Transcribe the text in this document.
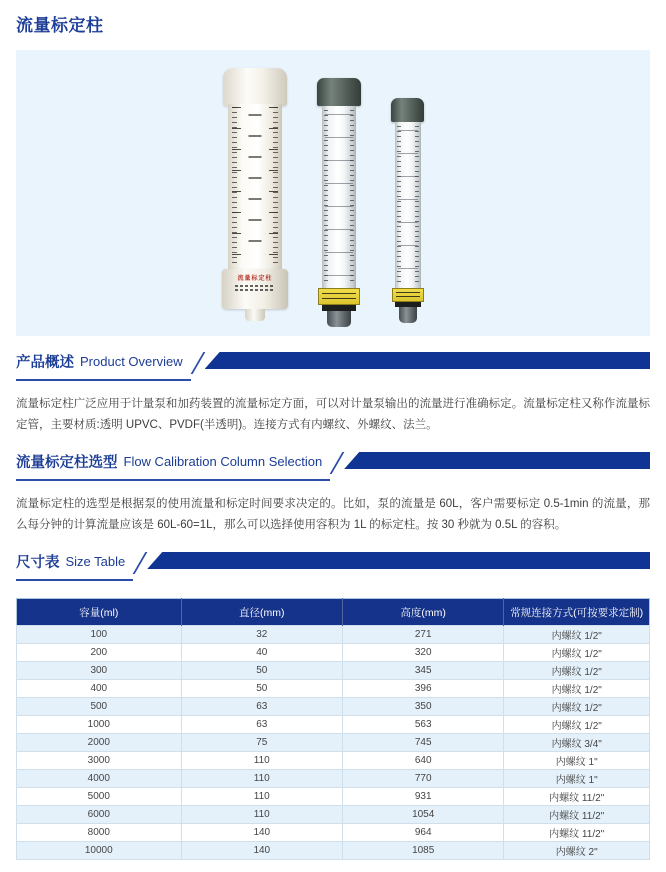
流量标定柱
流量标定柱
产品概述 Product Overview

流量标定柱广泛应用于计量泵和加药装置的流量标定方面，可以对计量泵输出的流量进行准确标定。流量标定柱又称作流量标定管，主要材质:透明 UPVC、PVDF(半透明)。连接方式有内螺纹、外螺纹、法兰。

流量标定柱选型 Flow Calibration Column Selection

流量标定柱的选型是根据泵的使用流量和标定时间要求决定的。比如，泵的流量是 60L，客户需要标定 0.5-1min 的流量，那么每分钟的计算流量应该是 60L-60=1L，那么可以选择使用容积为 1L 的标定柱。按 30 秒就为 0.5L 的容积。

尺寸表 Size Table
容量(ml)	直径(mm)	高度(mm)	常规连接方式(可按要求定制)
100	32	271	内螺纹 1/2"
200	40	320	内螺纹 1/2"
300	50	345	内螺纹 1/2"
400	50	396	内螺纹 1/2"
500	63	350	内螺纹 1/2"
1000	63	563	内螺纹 1/2"
2000	75	745	内螺纹 3/4"
3000	110	640	内螺纹 1"
4000	110	770	内螺纹 1"
5000	110	931	内螺纹 11/2"
6000	110	1054	内螺纹 11/2"
8000	140	964	内螺纹 11/2"
10000	140	1085	内螺纹 2"
